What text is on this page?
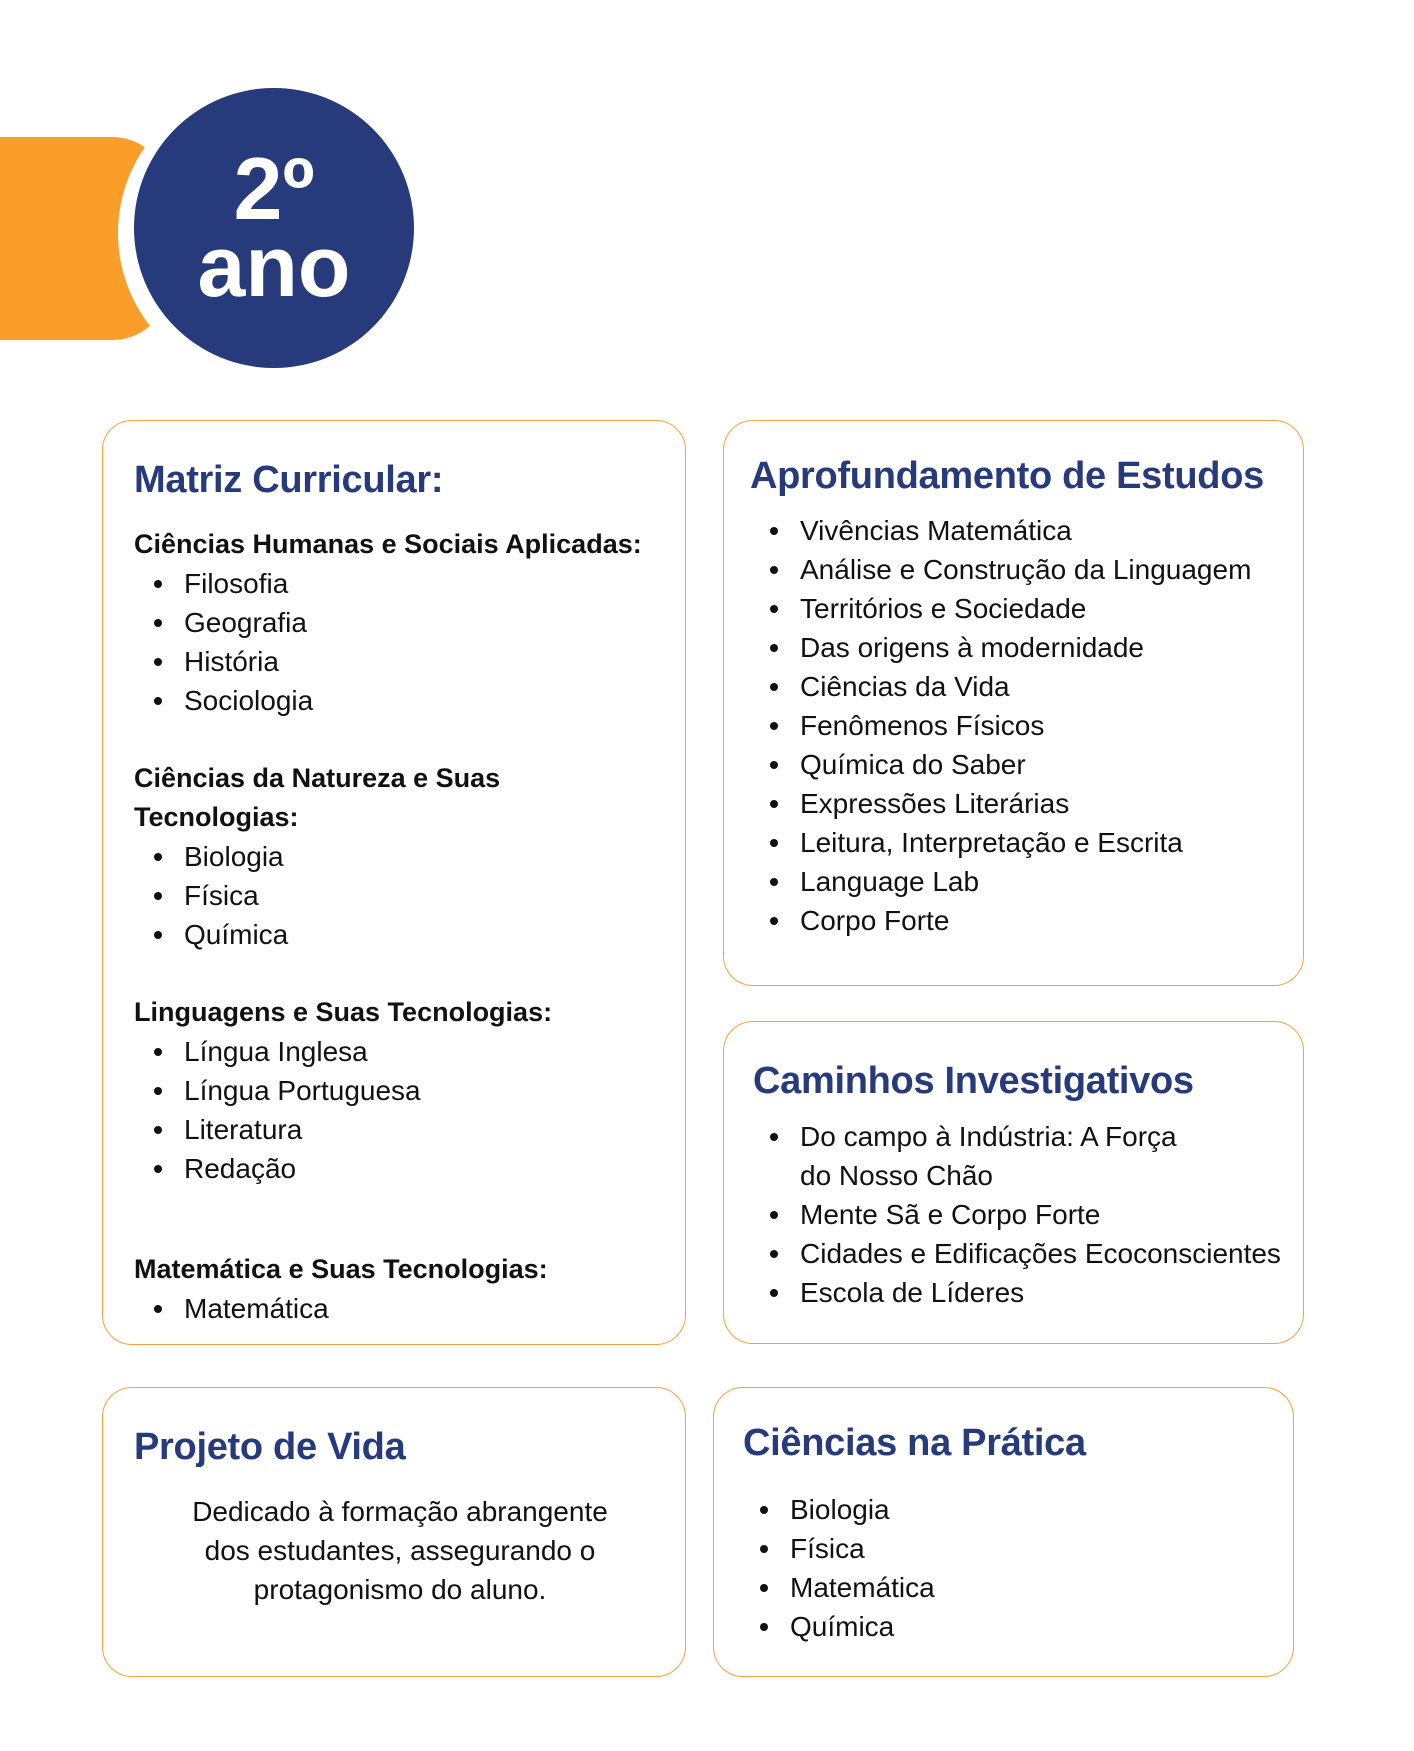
2º
ano
Matriz Curricular:

Ciências Humanas e Sociais Aplicadas:

Filosofia
Geografia
História
Sociologia

Ciências da Natureza e Suas Tecnologias:

Biologia
Física
Química

Linguagens e Suas Tecnologias:

Língua Inglesa
Língua Portuguesa
Literatura
Redação

Matemática e Suas Tecnologias:

Matemática
Aprofundamento de Estudos
Vivências Matemática
Análise e Construção da Linguagem
Territórios e Sociedade
Das origens à modernidade
Ciências da Vida
Fenômenos Físicos
Química do Saber
Expressões Literárias
Leitura, Interpretação e Escrita
Language Lab
Corpo Forte
Caminhos Investigativos
Do campo à Indústria: A Força do Nosso Chão
Mente Sã e Corpo Forte
Cidades e Edificações Ecoconscientes
Escola de Líderes
Projeto de Vida

Dedicado à formação abrangente dos estudantes, assegurando o protagonismo do aluno.

Ciências na Prática
Biologia
Física
Matemática
Química
